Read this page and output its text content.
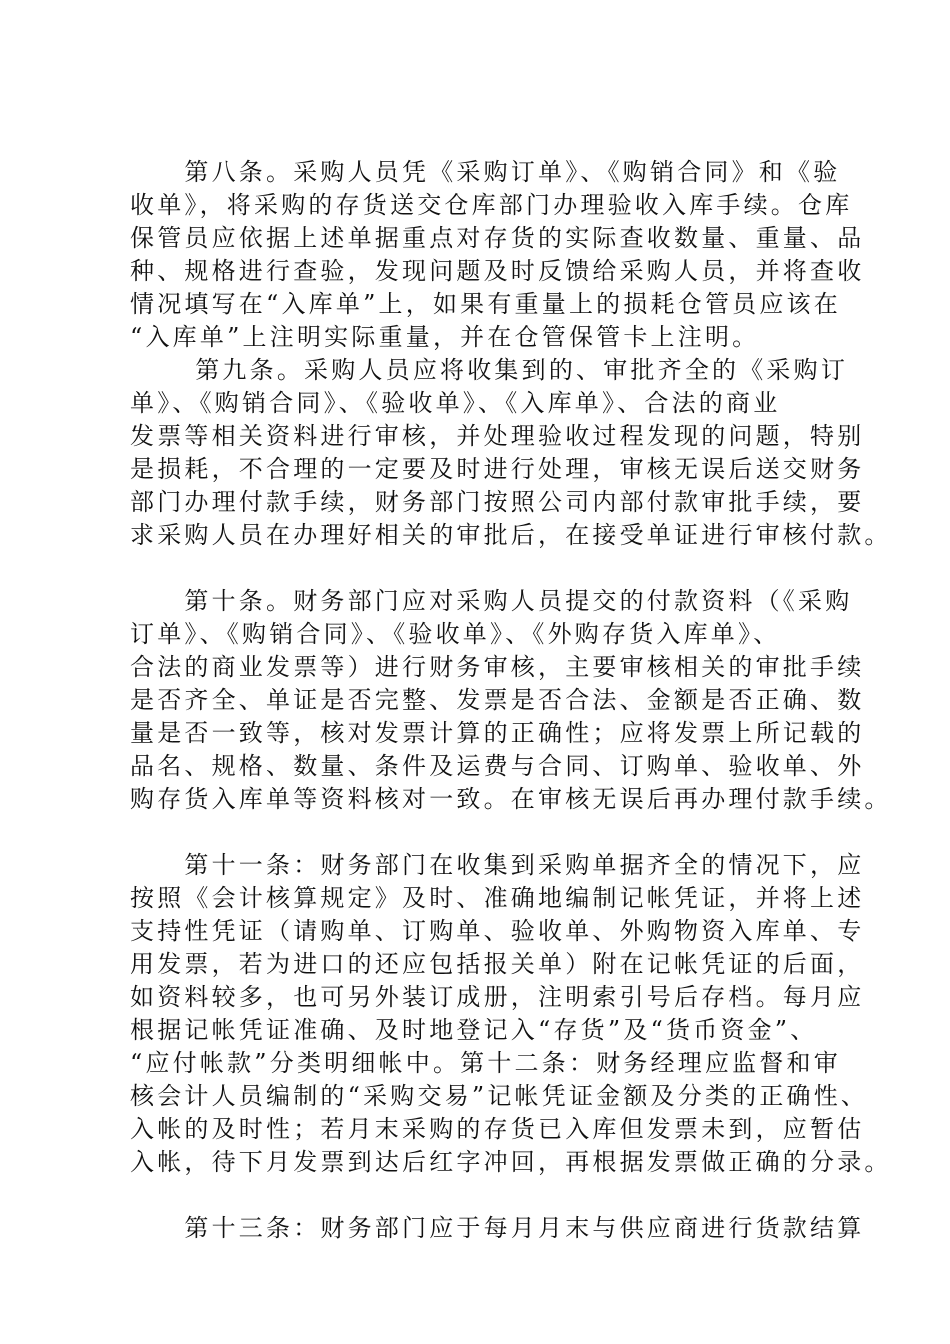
　　第八条。采购人员凭《采购订单》、《购销合同》和《验
收单》，将采购的存货送交仓库部门办理验收入库手续。仓库
保管员应依据上述单据重点对存货的实际查收数量、重量、品
种、规格进行查验，发现问题及时反馈给采购人员，并将查收
情况填写在“入库单”上，如果有重量上的损耗仓管员应该在
“入库单”上注明实际重量，并在仓管保管卡上注明。
　　 第九条。采购人员应将收集到的、审批齐全的《采购订
单》、《购销合同》、《验收单》、《入库单》、合法的商业
发票等相关资料进行审核，并处理验收过程发现的问题，特别
是损耗，不合理的一定要及时进行处理，审核无误后送交财务
部门办理付款手续，财务部门按照公司内部付款审批手续，要
求采购人员在办理好相关的审批后，在接受单证进行审核付款。
　　第十条。财务部门应对采购人员提交的付款资料（《采购
订单》、《购销合同》、《验收单》、《外购存货入库单》、
合法的商业发票等）进行财务审核，主要审核相关的审批手续
是否齐全、单证是否完整、发票是否合法、金额是否正确、数
量是否一致等，核对发票计算的正确性；应将发票上所记载的
品名、规格、数量、条件及运费与合同、订购单、验收单、外
购存货入库单等资料核对一致。在审核无误后再办理付款手续。
　　第十一条：财务部门在收集到采购单据齐全的情况下，应
按照《会计核算规定》及时、准确地编制记帐凭证，并将上述
支持性凭证（请购单、订购单、验收单、外购物资入库单、专
用发票，若为进口的还应包括报关单）附在记帐凭证的后面，
如资料较多，也可另外装订成册，注明索引号后存档。每月应
根据记帐凭证准确、及时地登记入“存货”及“货币资金”、
“应付帐款”分类明细帐中。第十二条：财务经理应监督和审
核会计人员编制的“采购交易”记帐凭证金额及分类的正确性、
入帐的及时性；若月末采购的存货已入库但发票未到，应暂估
入帐，待下月发票到达后红字冲回，再根据发票做正确的分录。
　　第十三条：财务部门应于每月月末与供应商进行货款结算
